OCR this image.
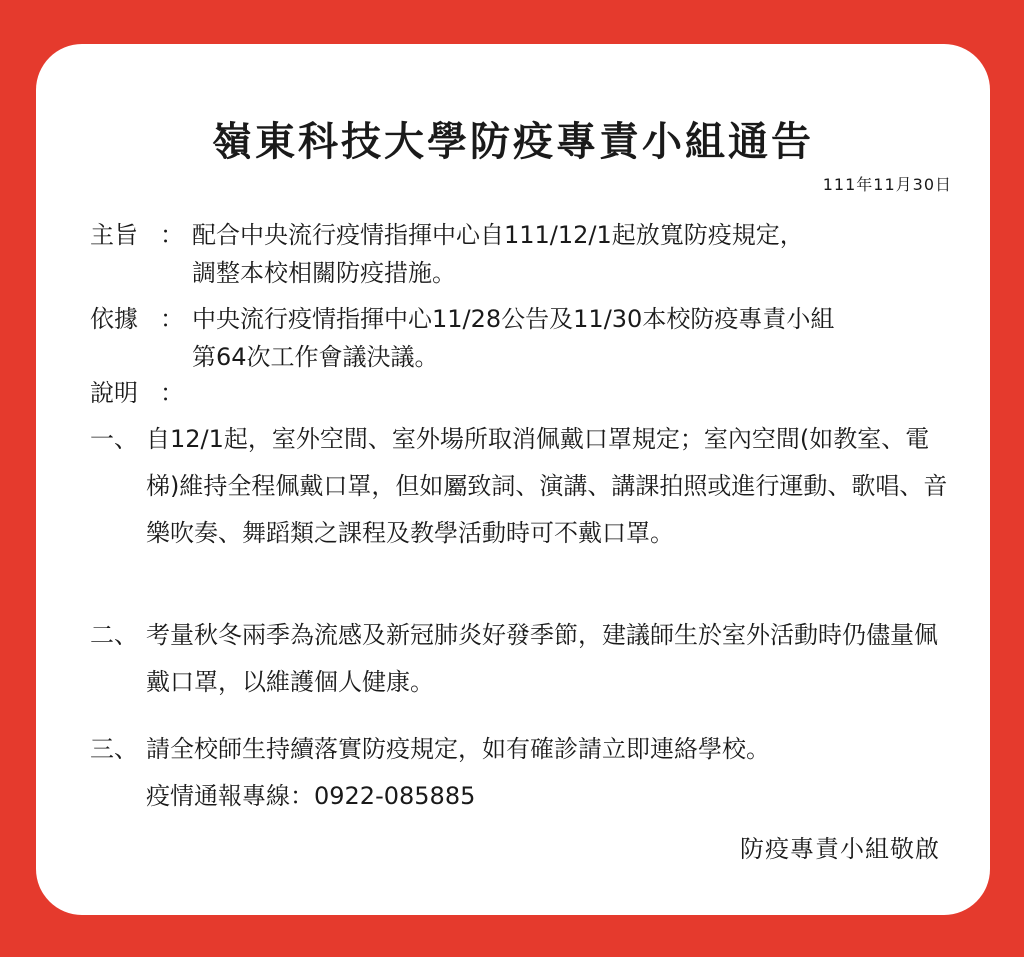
嶺東科技大學防疫專責小組通告
111年11月30日
主旨 ： 配合中央流行疫情指揮中心自111/12/1起放寬防疫規定，
調整本校相關防疫措施。
依據 ： 中央流行疫情指揮中心11/28公告及11/30本校防疫專責小組
第64次工作會議決議。
說明 ：
一、 自12/1起，室外空間、室外場所取消佩戴口罩規定；室內空間(如教室、電梯)維持全程佩戴口罩，但如屬致詞、演講、講課拍照或進行運動、歌唱、音樂吹奏、舞蹈類之課程及教學活動時可不戴口罩。
二、 考量秋冬兩季為流感及新冠肺炎好發季節，建議師生於室外活動時仍儘量佩戴口罩，以維護個人健康。
三、 請全校師生持續落實防疫規定，如有確診請立即連絡學校。
疫情通報專線：0922-085885
防疫專責小組敬啟
